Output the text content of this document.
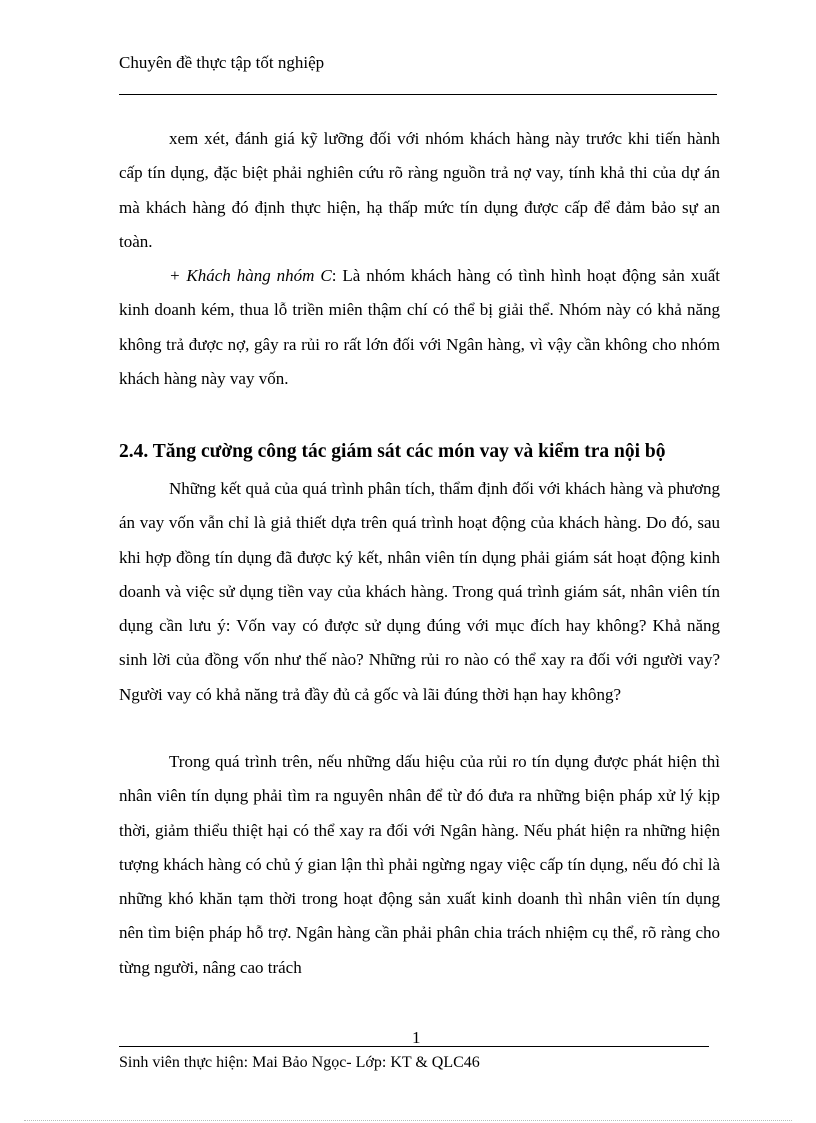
Chuyên đề thực tập tốt nghiệp

xem xét, đánh giá kỹ lưỡng đối với nhóm khách hàng này trước khi tiến hành cấp tín dụng, đặc biệt phải nghiên cứu rõ ràng nguồn trả nợ vay, tính khả thi của dự án mà khách hàng đó định thực hiện, hạ thấp mức tín dụng được cấp để đảm bảo sự an toàn.

+ Khách hàng nhóm C: Là nhóm khách hàng có tình hình hoạt động sản xuất kinh doanh kém, thua lỗ triền miên thậm chí có thể bị giải thể. Nhóm này có khả năng không trả được nợ, gây ra rủi ro rất lớn đối với Ngân hàng, vì vậy cần không cho nhóm khách hàng này vay vốn.

2.4. Tăng cường công tác giám sát các món vay và kiểm tra nội bộ

Những kết quả của quá trình phân tích, thẩm định đối với khách hàng và phương án vay vốn vẫn chỉ là giả thiết dựa trên quá trình hoạt động của khách hàng. Do đó, sau khi hợp đồng tín dụng đã được ký kết, nhân viên tín dụng phải giám sát hoạt động kinh doanh và việc sử dụng tiền vay của khách hàng. Trong quá trình giám sát, nhân viên tín dụng cần lưu ý: Vốn vay có được sử dụng đúng với mục đích hay không? Khả năng sinh lời của đồng vốn như thế nào? Những rủi ro nào có thể xay ra đối với người vay? Người vay có khả năng trả đầy đủ cả gốc và lãi đúng thời hạn hay không?

Trong quá trình trên, nếu những dấu hiệu của rủi ro tín dụng được phát hiện thì nhân viên tín dụng phải tìm ra nguyên nhân để từ đó đưa ra những biện pháp xử lý kịp thời, giảm thiểu thiệt hại có thể xay ra đối với Ngân hàng. Nếu phát hiện ra những hiện tượng khách hàng có chủ ý gian lận thì phải ngừng ngay việc cấp tín dụng, nếu đó chỉ là những khó khăn tạm thời trong hoạt động sản xuất kinh doanh thì nhân viên tín dụng nên tìm biện pháp hỗ trợ. Ngân hàng cần phải phân chia trách nhiệm cụ thể, rõ ràng cho từng người, nâng cao trách

1
Sinh viên thực hiện: Mai Bảo Ngọc- Lớp: KT & QLC46
